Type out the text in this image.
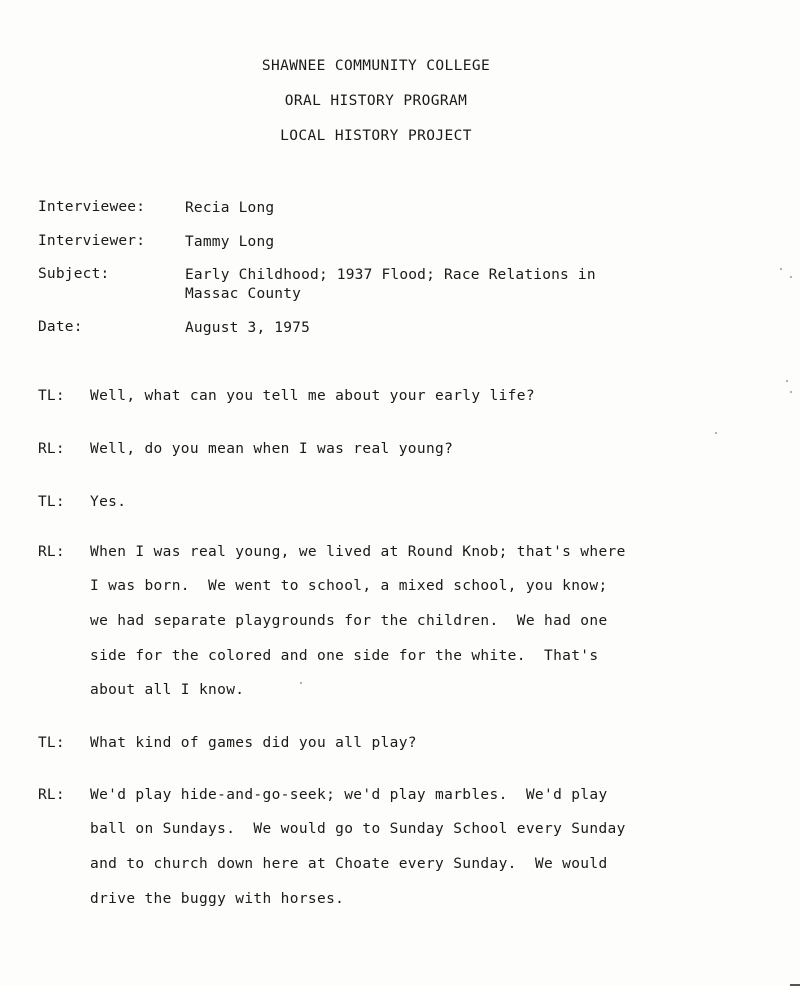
SHAWNEE COMMUNITY COLLEGE
ORAL HISTORY PROGRAM
LOCAL HISTORY PROJECT
Interviewee:	Recia Long
Interviewer:	Tammy Long
Subject:	Early Childhood; 1937 Flood; Race Relations in
Massac County
Date:	August 3, 1975
TL: Well, what can you tell me about your early life?
RL: Well, do you mean when I was real young?
TL: Yes.
RL: When I was real young, we lived at Round Knob; that's where
I was born.  We went to school, a mixed school, you know;
we had separate playgrounds for the children.  We had one
side for the colored and one side for the white.  That's
about all I know.
TL: What kind of games did you all play?
RL: We'd play hide-and-go-seek; we'd play marbles.  We'd play
ball on Sundays.  We would go to Sunday School every Sunday
and to church down here at Choate every Sunday.  We would
drive the buggy with horses.
